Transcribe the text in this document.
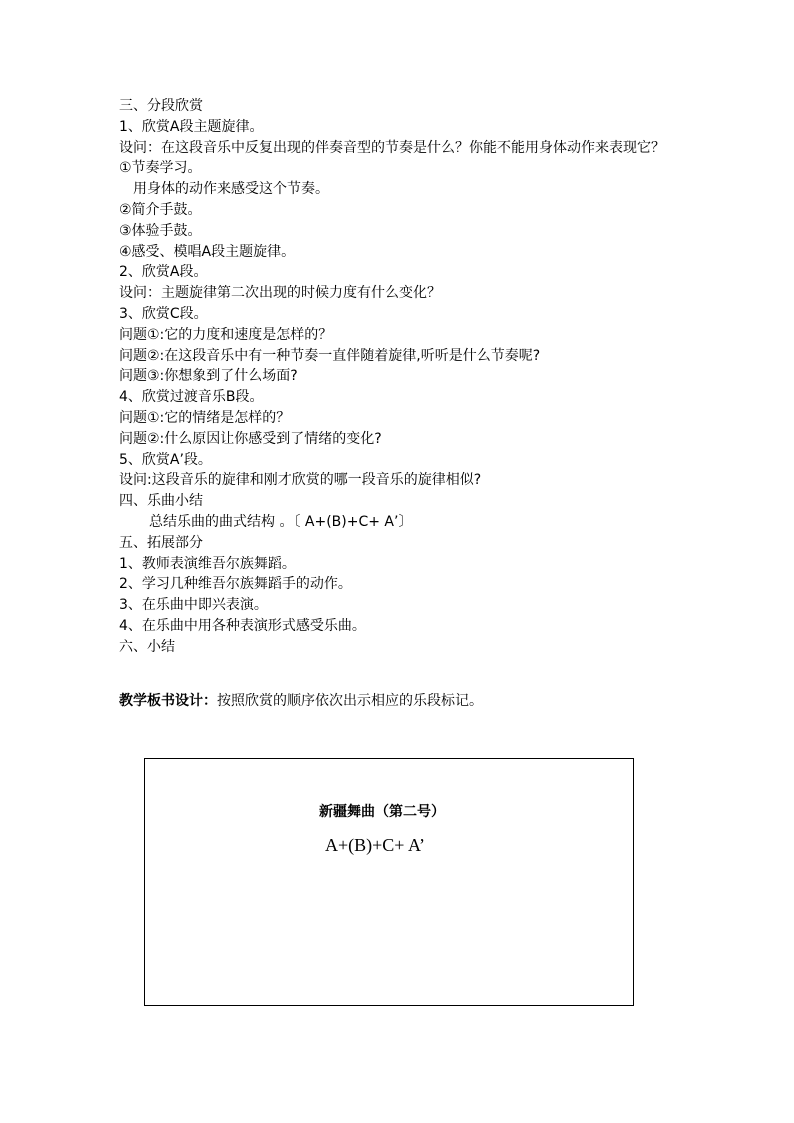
三、分段欣赏
1、欣赏A段主题旋律。
设问：在这段音乐中反复出现的伴奏音型的节奏是什么？你能不能用身体动作来表现它？
①节奏学习。
用身体的动作来感受这个节奏。
②简介手鼓。
③体验手鼓。
④感受、模唱A段主题旋律。
2、欣赏A段。
设问：主题旋律第二次出现的时候力度有什么变化？
3、欣赏C段。
问题①:它的力度和速度是怎样的？
问题②:在这段音乐中有一种节奏一直伴随着旋律,听听是什么节奏呢?
问题③:你想象到了什么场面?
4、欣赏过渡音乐B段。
问题①:它的情绪是怎样的？
问题②:什么原因让你感受到了情绪的变化?
5、欣赏A’段。
设问:这段音乐的旋律和刚才欣赏的哪一段音乐的旋律相似?
四、乐曲小结
总结乐曲的曲式结构 。〔 A+(B)+C+ A’〕
五、拓展部分
1、教师表演维吾尔族舞蹈。
2、学习几种维吾尔族舞蹈手的动作。
3、在乐曲中即兴表演。
4、在乐曲中用各种表演形式感受乐曲。
六、小结
教学板书设计：按照欣赏的顺序依次出示相应的乐段标记。
新疆舞曲（第二号）
A+(B)+C+ A’
